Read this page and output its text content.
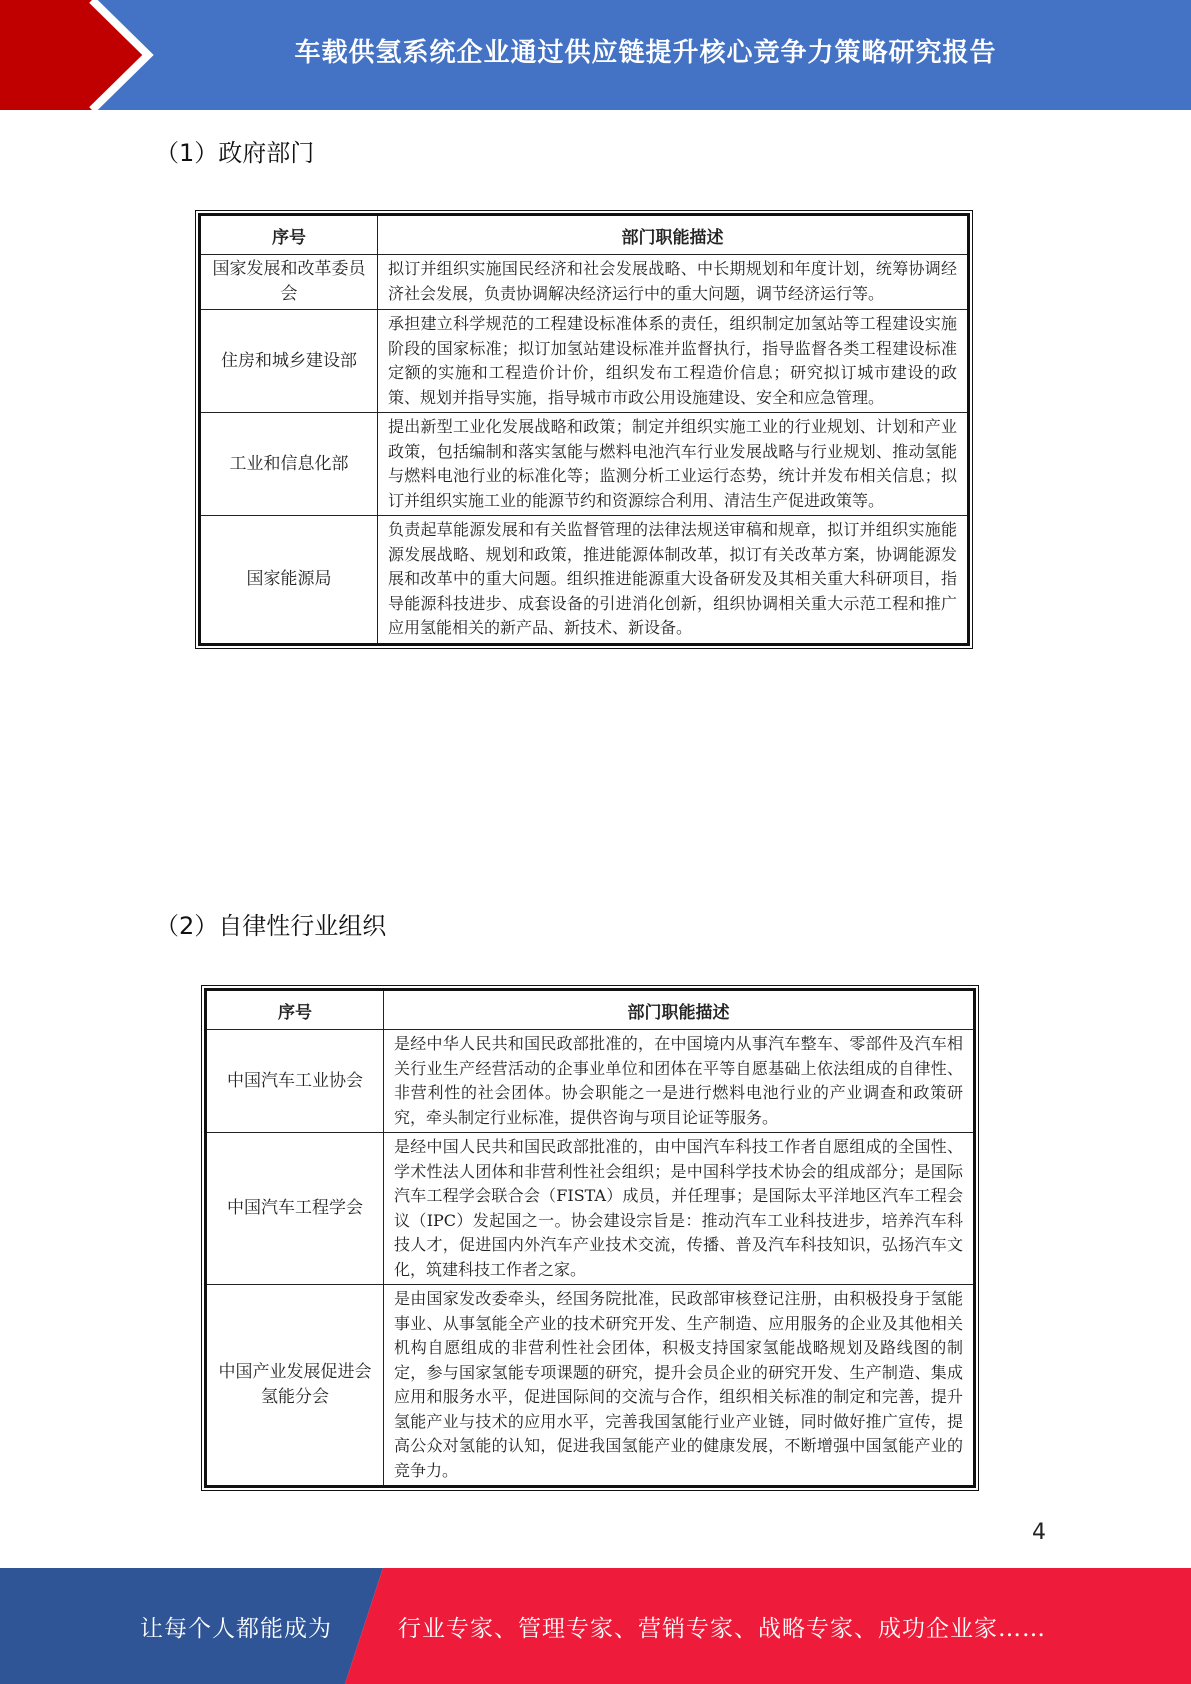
车载供氢系统企业通过供应链提升核心竞争力策略研究报告
（1）政府部门
序号	部门职能描述
国家发展和改革委员会	拟订并组织实施国民经济和社会发展战略、中长期规划和年度计划，统筹协调经济社会发展，负责协调解决经济运行中的重大问题，调节经济运行等。
住房和城乡建设部	承担建立科学规范的工程建设标准体系的责任，组织制定加氢站等工程建设实施阶段的国家标准；拟订加氢站建设标准并监督执行，指导监督各类工程建设标准定额的实施和工程造价计价，组织发布工程造价信息；研究拟订城市建设的政策、规划并指导实施，指导城市市政公用设施建设、安全和应急管理。
工业和信息化部	提出新型工业化发展战略和政策；制定并组织实施工业的行业规划、计划和产业政策，包括编制和落实氢能与燃料电池汽车行业发展战略与行业规划、推动氢能与燃料电池行业的标准化等；监测分析工业运行态势，统计并发布相关信息；拟订并组织实施工业的能源节约和资源综合利用、清洁生产促进政策等。
国家能源局	负责起草能源发展和有关监督管理的法律法规送审稿和规章，拟订并组织实施能源发展战略、规划和政策，推进能源体制改革，拟订有关改革方案，协调能源发展和改革中的重大问题。组织推进能源重大设备研发及其相关重大科研项目，指导能源科技进步、成套设备的引进消化创新，组织协调相关重大示范工程和推广应用氢能相关的新产品、新技术、新设备。
（2）自律性行业组织
序号	部门职能描述
中国汽车工业协会	是经中华人民共和国民政部批准的，在中国境内从事汽车整车、零部件及汽车相关行业生产经营活动的企事业单位和团体在平等自愿基础上依法组成的自律性、非营利性的社会团体。协会职能之一是进行燃料电池行业的产业调查和政策研究，牵头制定行业标准，提供咨询与项目论证等服务。
中国汽车工程学会	是经中国人民共和国民政部批准的，由中国汽车科技工作者自愿组成的全国性、学术性法人团体和非营利性社会组织；是中国科学技术协会的组成部分；是国际汽车工程学会联合会（FISTA）成员，并任理事；是国际太平洋地区汽车工程会议（IPC）发起国之一。协会建设宗旨是：推动汽车工业科技进步，培养汽车科技人才，促进国内外汽车产业技术交流，传播、普及汽车科技知识，弘扬汽车文化，筑建科技工作者之家。
中国产业发展促进会氢能分会	是由国家发改委牵头，经国务院批准，民政部审核登记注册，由积极投身于氢能事业、从事氢能全产业的技术研究开发、生产制造、应用服务的企业及其他相关机构自愿组成的非营利性社会团体，积极支持国家氢能战略规划及路线图的制定，参与国家氢能专项课题的研究，提升会员企业的研究开发、生产制造、集成应用和服务水平，促进国际间的交流与合作，组织相关标准的制定和完善，提升氢能产业与技术的应用水平，完善我国氢能行业产业链，同时做好推广宣传，提高公众对氢能的认知，促进我国氢能产业的健康发展，不断增强中国氢能产业的竞争力。
4
让每个人都能成为	行业专家、管理专家、营销专家、战略专家、成功企业家……
